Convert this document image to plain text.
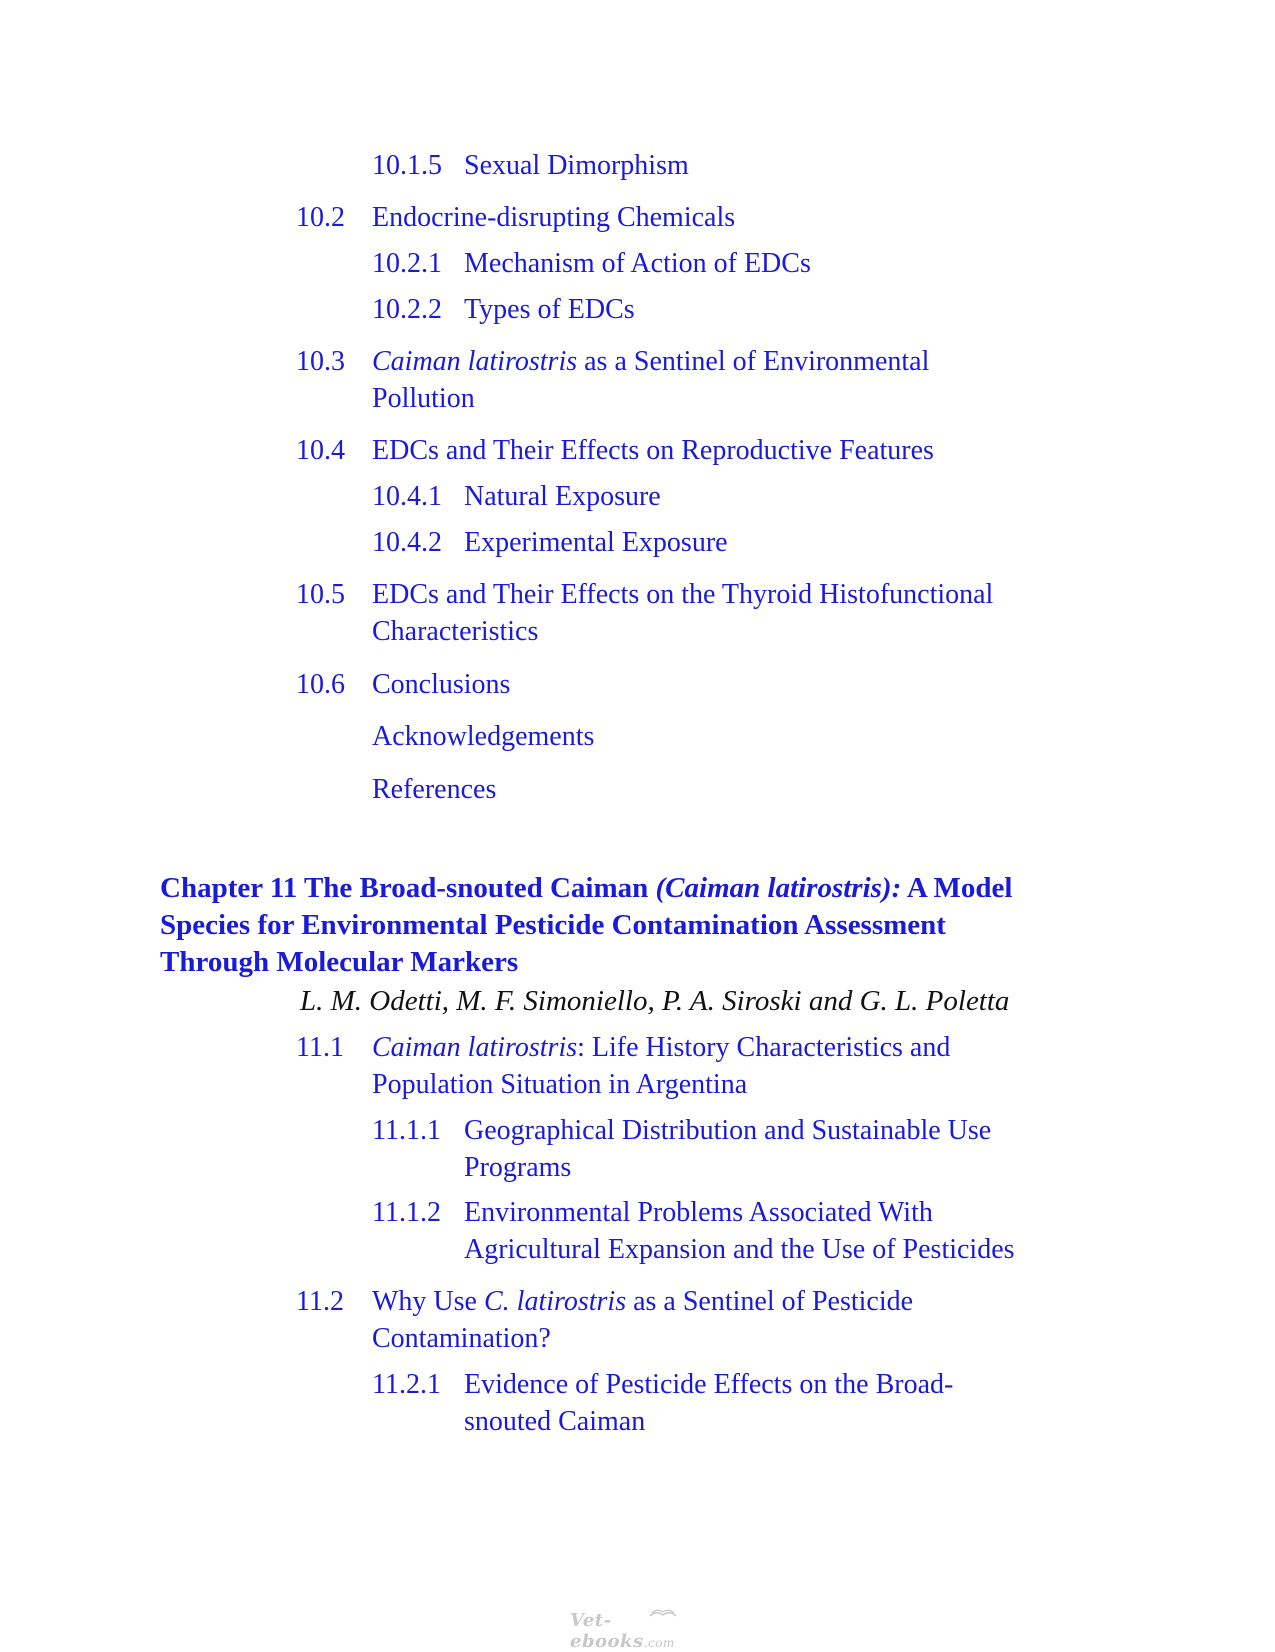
10.1.5 Sexual Dimorphism
10.2 Endocrine-disrupting Chemicals
10.2.1 Mechanism of Action of EDCs
10.2.2 Types of EDCs
10.3 Caiman latirostris as a Sentinel of Environmental
Pollution
10.4 EDCs and Their Effects on Reproductive Features
10.4.1 Natural Exposure
10.4.2 Experimental Exposure
10.5 EDCs and Their Effects on the Thyroid Histofunctional
Characteristics
10.6 Conclusions
Acknowledgements
References
Chapter 11 The Broad-snouted Caiman (Caiman latirostris): A Model
Species for Environmental Pesticide Contamination Assessment
Through Molecular Markers
L. M. Odetti, M. F. Simoniello, P. A. Siroski and G. L. Poletta
11.1 Caiman latirostris: Life History Characteristics and
Population Situation in Argentina
11.1.1 Geographical Distribution and Sustainable Use
Programs
11.1.2 Environmental Problems Associated With
Agricultural Expansion and the Use of Pesticides
11.2 Why Use C. latirostris as a Sentinel of Pesticide
Contamination?
11.2.1 Evidence of Pesticide Effects on the Broad-
snouted Caiman
Vet-ebooks.com
